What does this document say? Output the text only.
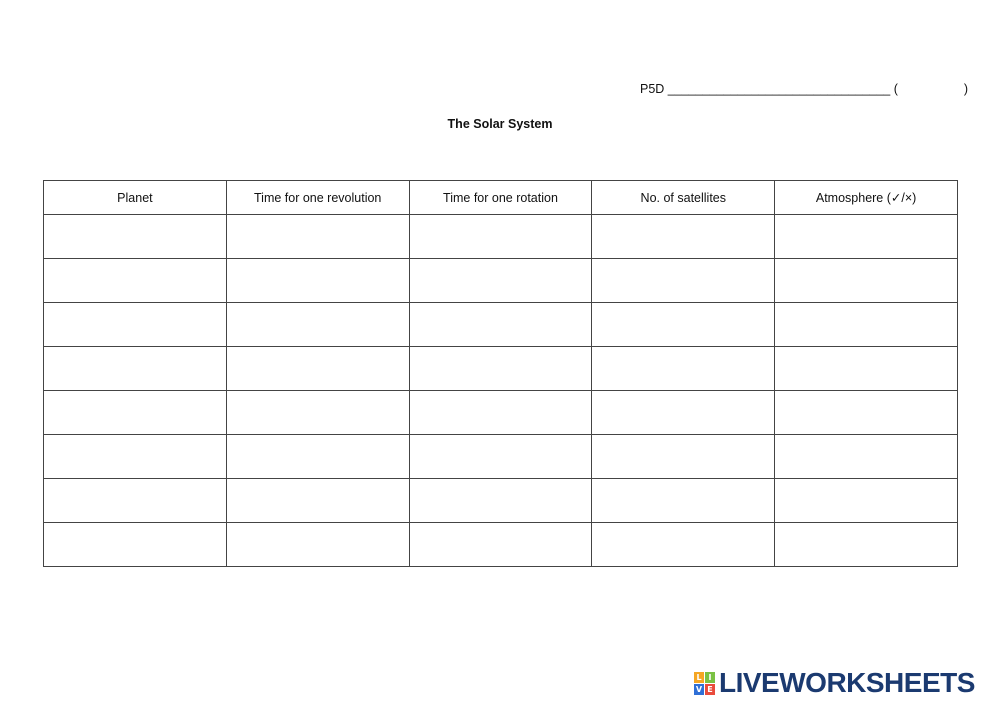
P5D ________________________________ (                   )
The Solar System
Planet	Time for one revolution	Time for one rotation	No. of satellites	Atmosphere (✓/×)

L I
V E LIVEWORKSHEETS
